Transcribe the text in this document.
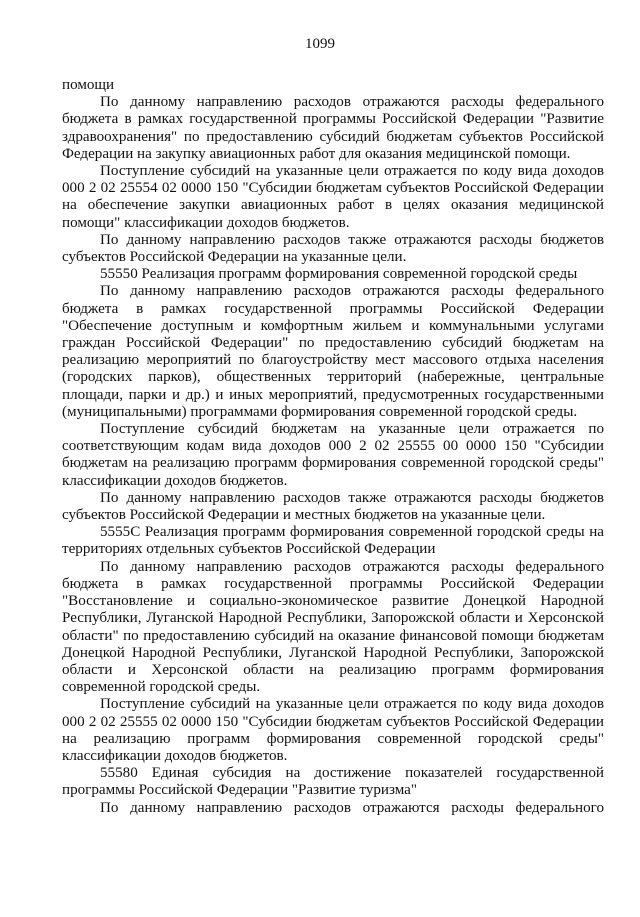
1099

помощи

По данному направлению расходов отражаются расходы федерального бюджета в рамках государственной программы Российской Федерации "Развитие здравоохранения" по предоставлению субсидий бюджетам субъектов Российской Федерации на закупку авиационных работ для оказания медицинской помощи.

Поступление субсидий на указанные цели отражается по коду вида доходов 000 2 02 25554 02 0000 150 "Субсидии бюджетам субъектов Российской Федерации на обеспечение закупки авиационных работ в целях оказания медицинской помощи" классификации доходов бюджетов.

По данному направлению расходов также отражаются расходы бюджетов субъектов Российской Федерации на указанные цели.

55550 Реализация программ формирования современной городской среды

По данному направлению расходов отражаются расходы федерального бюджета в рамках государственной программы Российской Федерации "Обеспечение доступным и комфортным жильем и коммунальными услугами граждан Российской Федерации" по предоставлению субсидий бюджетам на реализацию мероприятий по благоустройству мест массового отдыха населения (городских парков), общественных территорий (набережные, центральные площади, парки и др.) и иных мероприятий, предусмотренных государственными (муниципальными) программами формирования современной городской среды.

Поступление субсидий бюджетам на указанные цели отражается по соответствующим кодам вида доходов 000 2 02 25555 00 0000 150 "Субсидии бюджетам на реализацию программ формирования современной городской среды" классификации доходов бюджетов.

По данному направлению расходов также отражаются расходы бюджетов субъектов Российской Федерации и местных бюджетов на указанные цели.

5555С Реализация программ формирования современной городской среды на территориях отдельных субъектов Российской Федерации

По данному направлению расходов отражаются расходы федерального бюджета в рамках государственной программы Российской Федерации "Восстановление и социально-экономическое развитие Донецкой Народной Республики, Луганской Народной Республики, Запорожской области и Херсонской области" по предоставлению субсидий на оказание финансовой помощи бюджетам Донецкой Народной Республики, Луганской Народной Республики, Запорожской области и Херсонской области на реализацию программ формирования современной городской среды.

Поступление субсидий на указанные цели отражается по коду вида доходов 000 2 02 25555 02 0000 150 "Субсидии бюджетам субъектов Российской Федерации на реализацию программ формирования современной городской среды" классификации доходов бюджетов.

55580 Единая субсидия на достижение показателей государственной программы Российской Федерации "Развитие туризма"

По данному направлению расходов отражаются расходы федерального
